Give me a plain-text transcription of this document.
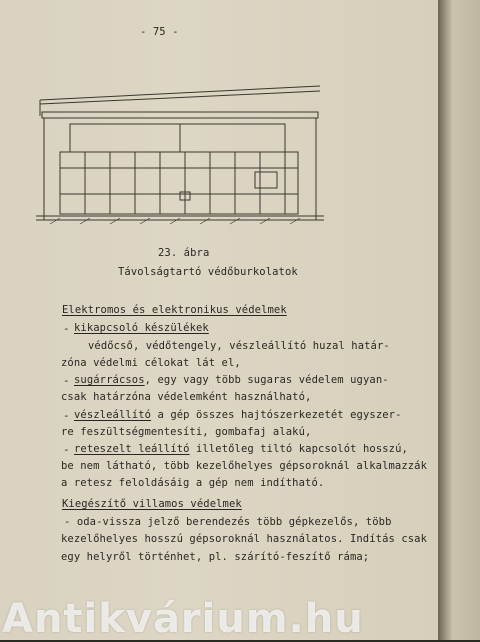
- 75 -
23. ábra
Távolságtartó védőburkolatok
Elektromos és elektronikus védelmek
- kikapcsoló készülékek
védőcső, védőtengely, vészleállító huzal határ-
zóna védelmi célokat lát el,
- sugárrácsos, egy vagy több sugaras védelem ugyan-
csak határzóna védelemként használható,
- vészleállító a gép összes hajtószerkezetét egyszer-
re feszültségmentesíti, gombafaj alakú,
- reteszelt leállító illetőleg tiltó kapcsolót hosszú,
be nem látható, több kezelőhelyes gépsoroknál alkalmazzák
a retesz feloldásáig a gép nem indítható.
Kiegészítő villamos védelmek
- oda-vissza jelző berendezés több gépkezelős, több
kezelőhelyes hosszú gépsoroknál használatos. Indítás csak
egy helyről történhet, pl. szárító-feszítő ráma;
Antikvárium.hu
